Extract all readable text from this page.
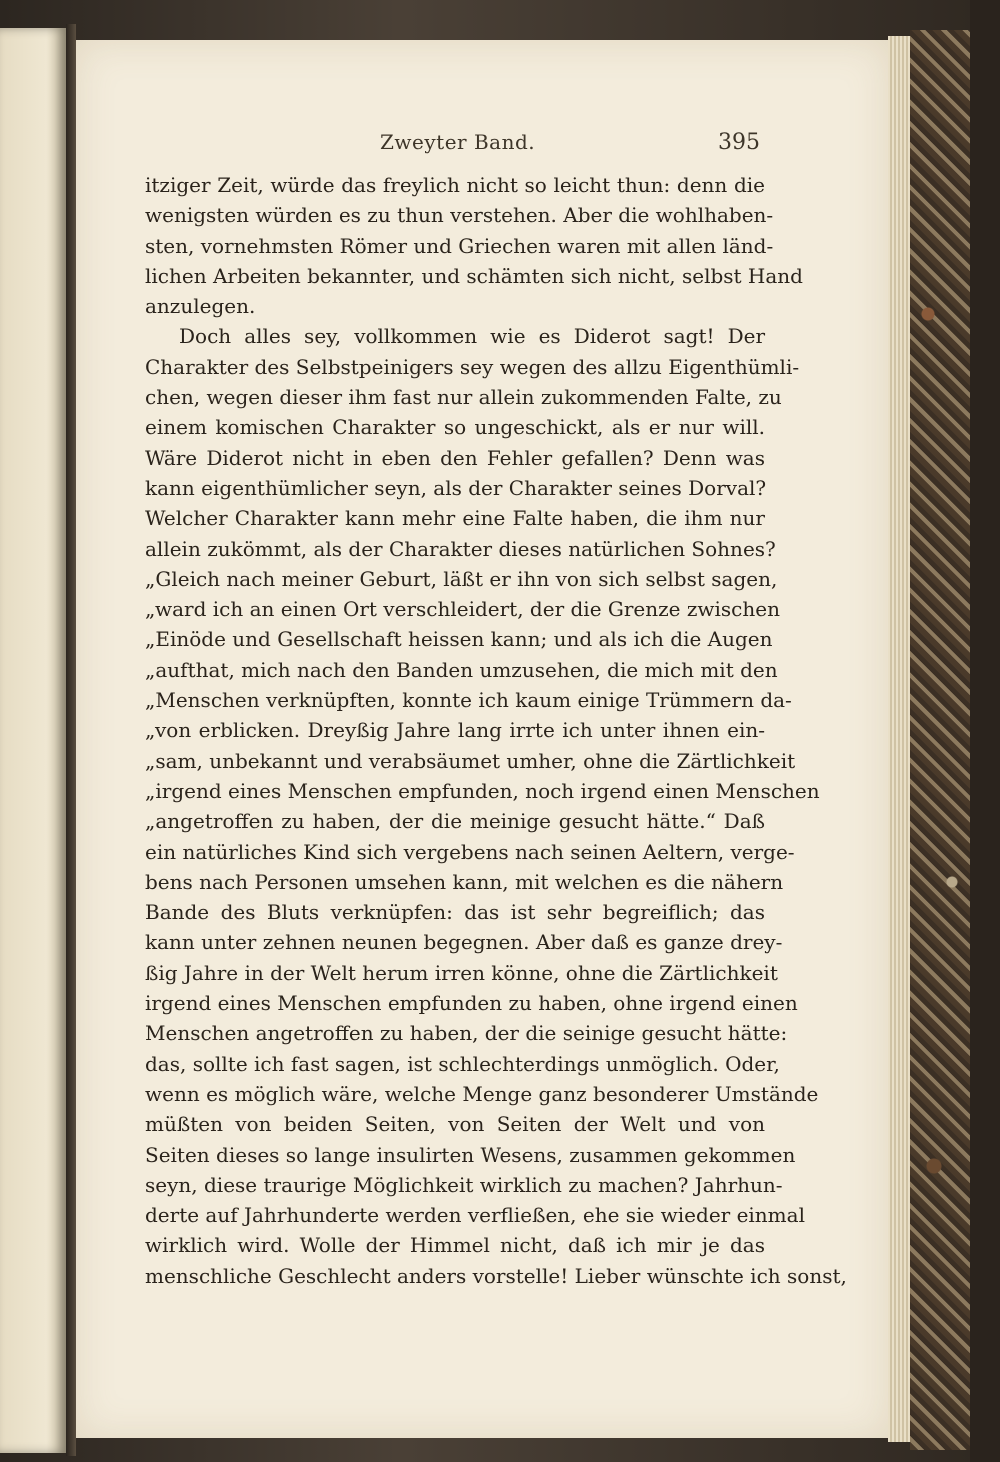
Zweyter Band.	395
itziger Zeit, würde das freylich nicht so leicht thun: denn die
wenigsten würden es zu thun verstehen. Aber die wohlhaben-
sten, vornehmsten Römer und Griechen waren mit allen länd-
lichen Arbeiten bekannter, und schämten sich nicht, selbst Hand
anzulegen.
Doch alles sey, vollkommen wie es Diderot sagt! Der
Charakter des Selbstpeinigers sey wegen des allzu Eigenthümli-
chen, wegen dieser ihm fast nur allein zukommenden Falte, zu
einem komischen Charakter so ungeschickt, als er nur will.
Wäre Diderot nicht in eben den Fehler gefallen? Denn was
kann eigenthümlicher seyn, als der Charakter seines Dorval?
Welcher Charakter kann mehr eine Falte haben, die ihm nur
allein zukömmt, als der Charakter dieses natürlichen Sohnes?
„Gleich nach meiner Geburt, läßt er ihn von sich selbst sagen,
„ward ich an einen Ort verschleidert, der die Grenze zwischen
„Einöde und Gesellschaft heissen kann; und als ich die Augen
„aufthat, mich nach den Banden umzusehen, die mich mit den
„Menschen verknüpften, konnte ich kaum einige Trümmern da-
„von erblicken. Dreyßig Jahre lang irrte ich unter ihnen ein-
„sam, unbekannt und verabsäumet umher, ohne die Zärtlichkeit
„irgend eines Menschen empfunden, noch irgend einen Menschen
„angetroffen zu haben, der die meinige gesucht hätte.“ Daß
ein natürliches Kind sich vergebens nach seinen Aeltern, verge-
bens nach Personen umsehen kann, mit welchen es die nähern
Bande des Bluts verknüpfen: das ist sehr begreiflich; das
kann unter zehnen neunen begegnen. Aber daß es ganze drey-
ßig Jahre in der Welt herum irren könne, ohne die Zärtlichkeit
irgend eines Menschen empfunden zu haben, ohne irgend einen
Menschen angetroffen zu haben, der die seinige gesucht hätte:
das, sollte ich fast sagen, ist schlechterdings unmöglich. Oder,
wenn es möglich wäre, welche Menge ganz besonderer Umstände
müßten von beiden Seiten, von Seiten der Welt und von
Seiten dieses so lange insulirten Wesens, zusammen gekommen
seyn, diese traurige Möglichkeit wirklich zu machen? Jahrhun-
derte auf Jahrhunderte werden verfließen, ehe sie wieder einmal
wirklich wird. Wolle der Himmel nicht, daß ich mir je das
menschliche Geschlecht anders vorstelle! Lieber wünschte ich sonst,
